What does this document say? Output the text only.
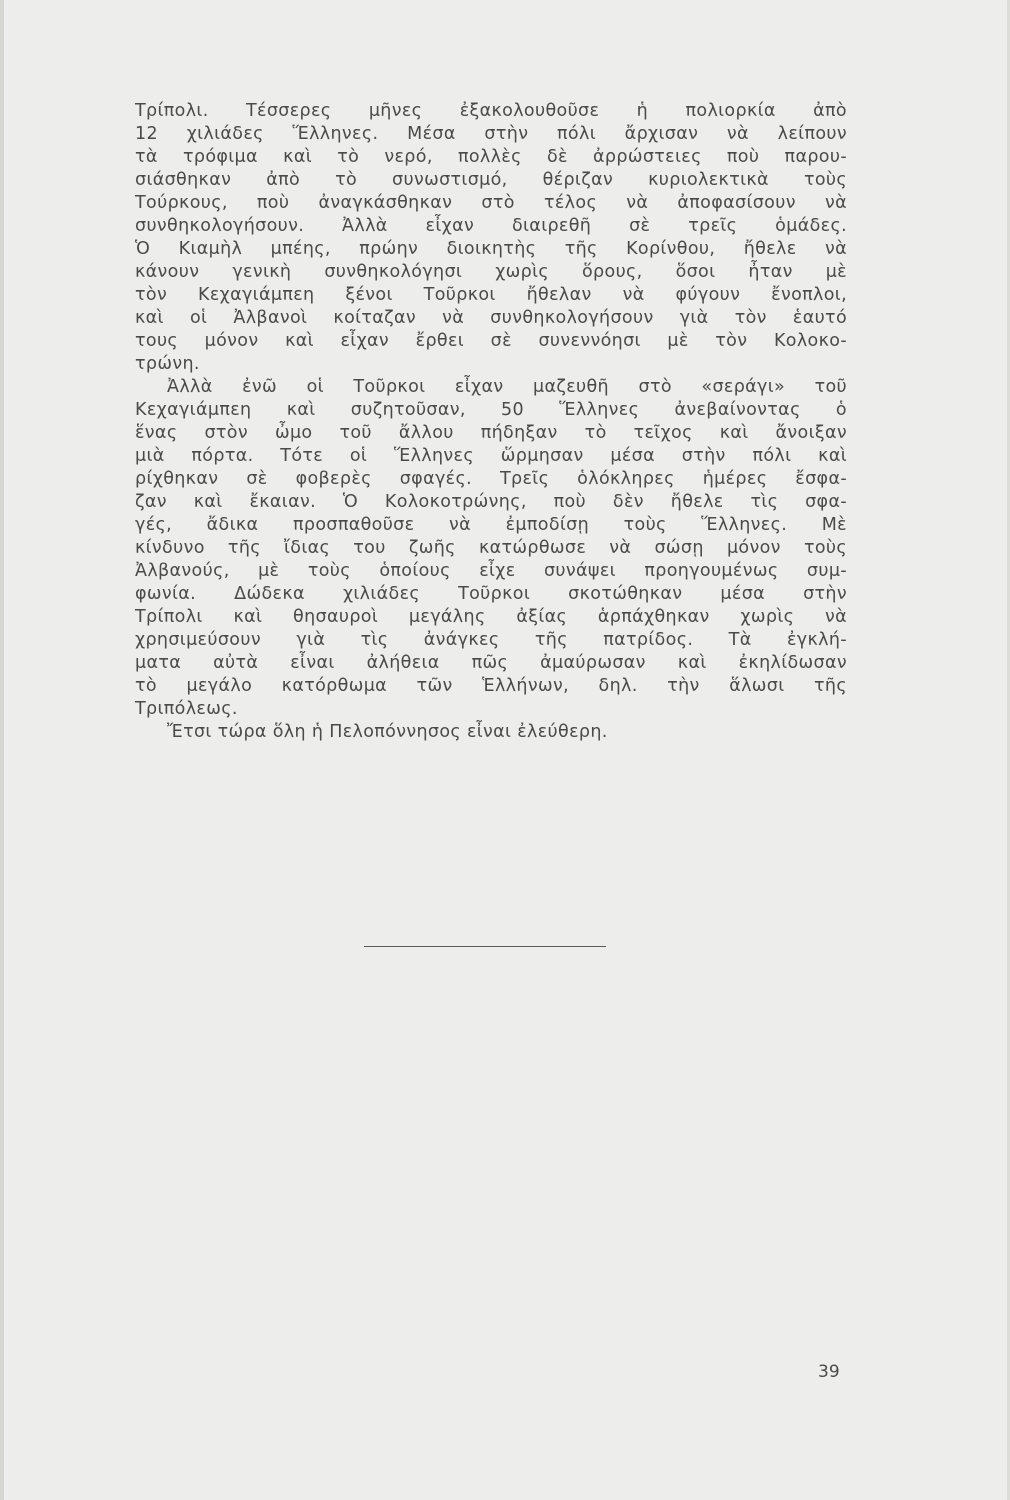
Τρίπολι. Τέσσερες μῆνες ἐξακολουθοῦσε ἡ πολιορκία ἀπὸ
12 χιλιάδες Ἕλληνες. Μέσα στὴν πόλι ἄρχισαν νὰ λείπουν
τὰ τρόφιμα καὶ τὸ νερό, πολλὲς δὲ ἀρρώστειες ποὺ παρου-
σιάσθηκαν ἀπὸ τὸ συνωστισμό, θέριζαν κυριολεκτικὰ τοὺς
Τούρκους, ποὺ ἀναγκάσθηκαν στὸ τέλος νὰ ἀποφασίσουν νὰ
συνθηκολογήσουν. Ἀλλὰ εἶχαν διαιρεθῆ σὲ τρεῖς ὁμάδες.
Ὁ Κιαμὴλ μπέης, πρώην διοικητὴς τῆς Κορίνθου, ἤθελε νὰ
κάνουν γενικὴ συνθηκολόγησι χωρὶς ὅρους, ὅσοι ἦταν μὲ
τὸν Κεχαγιάμπεη ξένοι Τοῦρκοι ἤθελαν νὰ φύγουν ἔνοπλοι,
καὶ οἱ Ἀλβανοὶ κοίταζαν νὰ συνθηκολογήσουν γιὰ τὸν ἑαυτό
τους μόνον καὶ εἶχαν ἔρθει σὲ συνεννόησι μὲ τὸν Κολοκο-
τρώνη.
Ἀλλὰ ἐνῶ οἱ Τοῦρκοι εἶχαν μαζευθῆ στὸ «σεράγι» τοῦ
Κεχαγιάμπεη καὶ συζητοῦσαν, 50 Ἕλληνες ἀνεβαίνοντας ὁ
ἕνας στὸν ὦμο τοῦ ἄλλου πήδηξαν τὸ τεῖχος καὶ ἄνοιξαν
μιὰ πόρτα. Τότε οἱ Ἕλληνες ὥρμησαν μέσα στὴν πόλι καὶ
ρίχθηκαν σὲ φοβερὲς σφαγές. Τρεῖς ὁλόκληρες ἡμέρες ἔσφα-
ζαν καὶ ἔκαιαν. Ὁ Κολοκοτρώνης, ποὺ δὲν ἤθελε τὶς σφα-
γές, ἄδικα προσπαθοῦσε νὰ ἐμποδίσῃ τοὺς Ἕλληνες. Μὲ
κίνδυνο τῆς ἴδιας του ζωῆς κατώρθωσε νὰ σώσῃ μόνον τοὺς
Ἀλβανούς, μὲ τοὺς ὁποίους εἶχε συνάψει προηγουμένως συμ-
φωνία. Δώδεκα χιλιάδες Τοῦρκοι σκοτώθηκαν μέσα στὴν
Τρίπολι καὶ θησαυροὶ μεγάλης ἀξίας ἁρπάχθηκαν χωρὶς νὰ
χρησιμεύσουν γιὰ τὶς ἀνάγκες τῆς πατρίδος. Τὰ ἐγκλή-
ματα αὐτὰ εἶναι ἀλήθεια πῶς ἀμαύρωσαν καὶ ἐκηλίδωσαν
τὸ μεγάλο κατόρθωμα τῶν Ἑλλήνων, δηλ. τὴν ἅλωσι τῆς
Τριπόλεως.
Ἔτσι τώρα ὅλη ἡ Πελοπόννησος εἶναι ἐλεύθερη.
39
